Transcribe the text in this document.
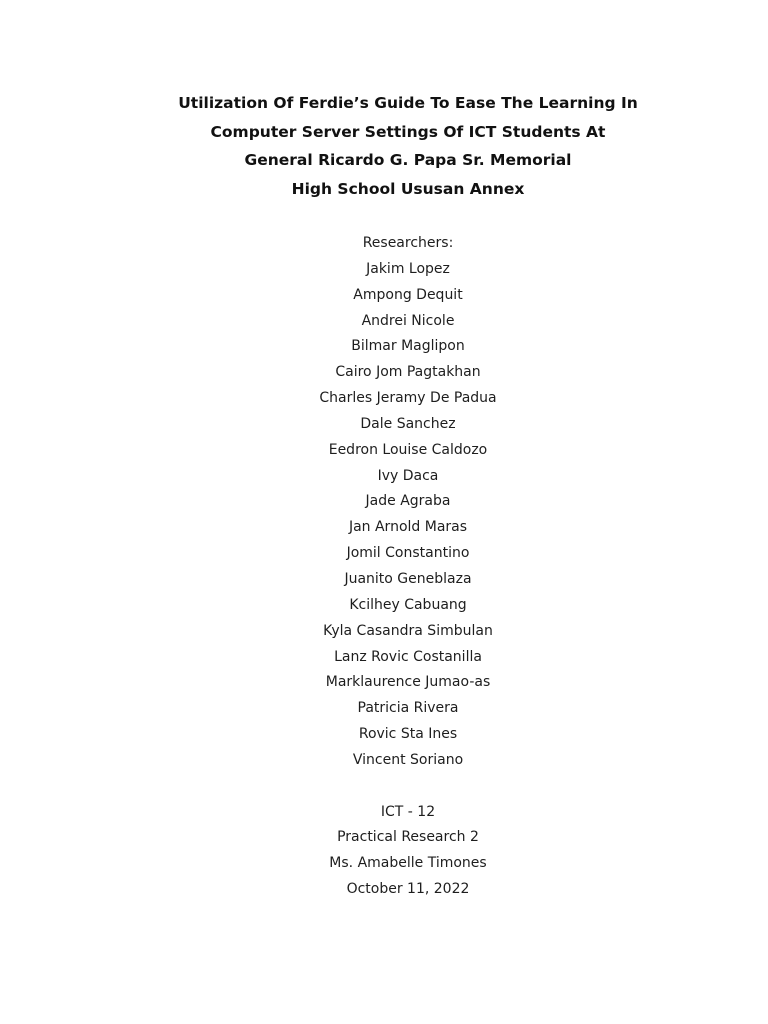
Utilization Of Ferdie’s Guide To Ease The Learning In
Computer Server Settings Of ICT Students At
General Ricardo G. Papa Sr. Memorial
High School Ususan Annex
Researchers:
Jakim Lopez
Ampong Dequit
Andrei Nicole
Bilmar Maglipon
Cairo Jom Pagtakhan
Charles Jeramy De Padua
Dale Sanchez
Eedron Louise Caldozo
Ivy Daca
Jade Agraba
Jan Arnold Maras
Jomil Constantino
Juanito Geneblaza
Kcilhey Cabuang
Kyla Casandra Simbulan
Lanz Rovic Costanilla
Marklaurence Jumao-as
Patricia Rivera
Rovic Sta Ines
Vincent Soriano
ICT - 12
Practical Research 2
Ms. Amabelle Timones
October 11, 2022
